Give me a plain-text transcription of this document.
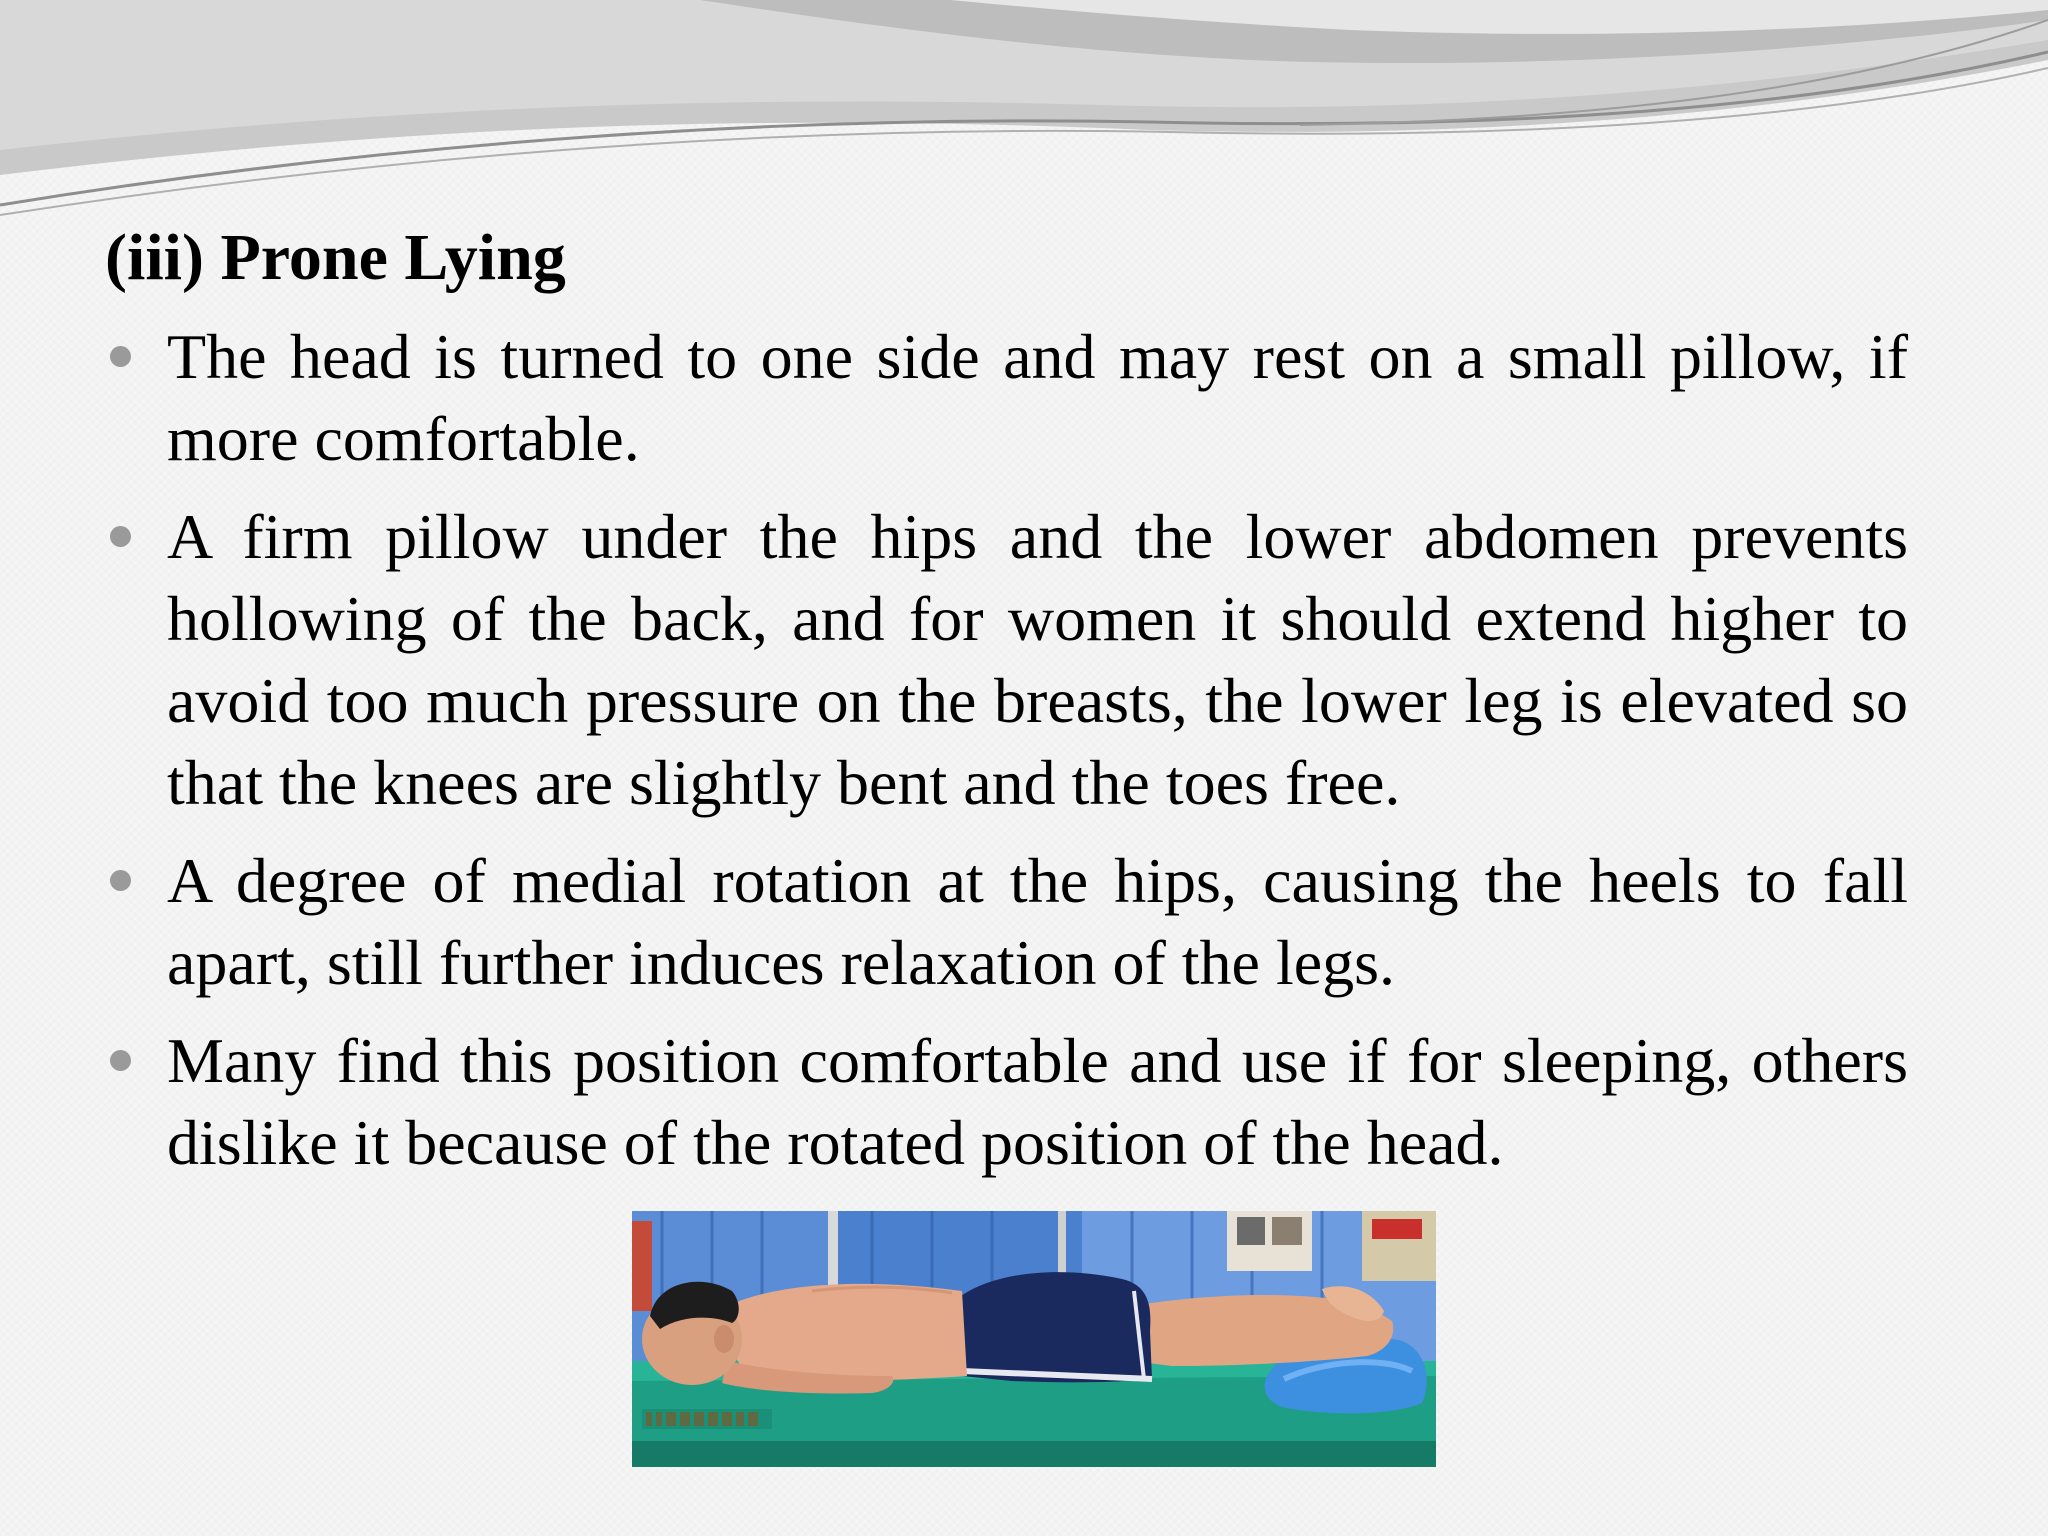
(iii) Prone Lying
The head is turned to one side and may rest on a small pillow, if more comfortable.
A firm pillow under the hips and the lower abdomen prevents hollowing of the back, and for women it should extend higher to avoid too much pressure on the breasts, the lower leg is elevated so that the knees are slightly bent and the toes free.
A degree of medial rotation at the hips, causing the heels to fall apart, still further induces relaxation of the legs.
Many find this position comfortable and use if for sleeping, others dislike it because of the rotated position of the head.
